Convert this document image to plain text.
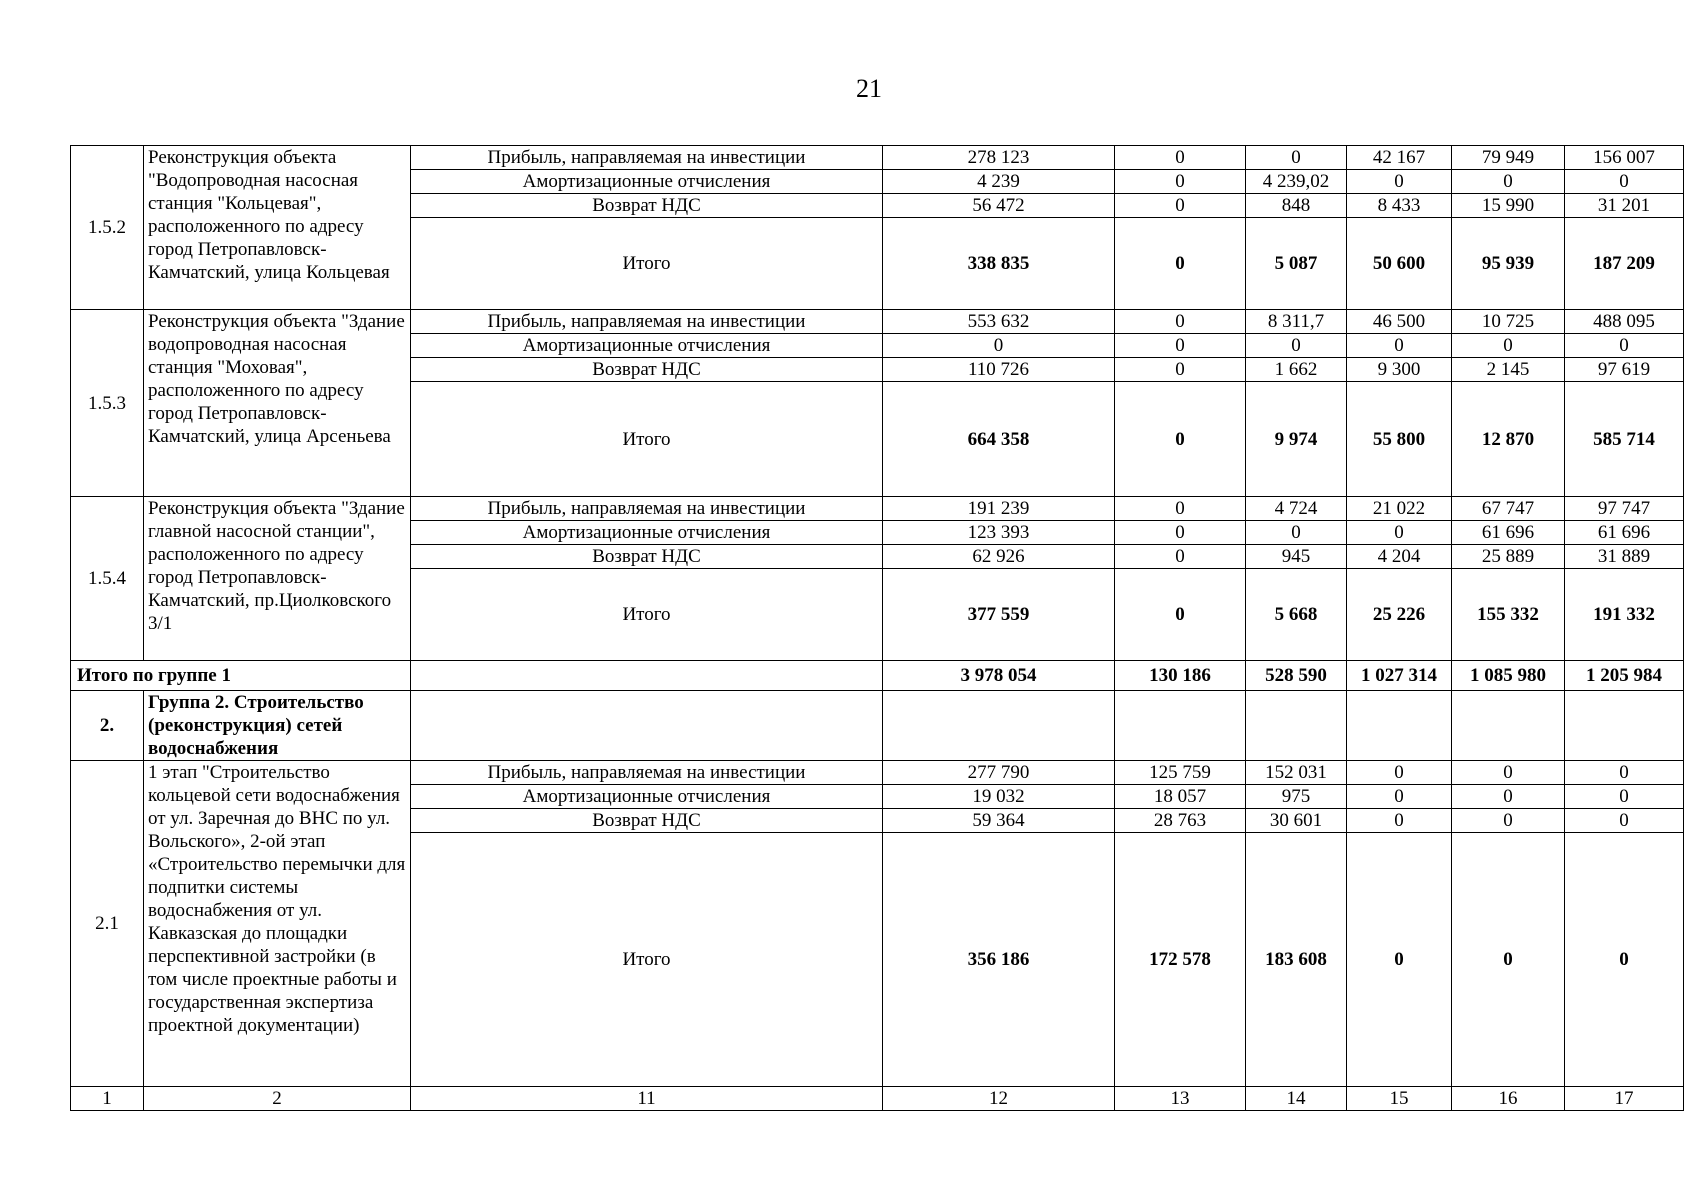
21
1.5.2	Реконструкция объекта "Водопроводная насосная станция "Кольцевая", расположенного по адресу город Петропавловск-Камчатский, улица Кольцевая	Прибыль, направляемая на инвестиции	278 123	0	0	42 167	79 949	156 007
		Амортизационные отчисления	4 239	0	4 239,02	0	0	0
		Возврат НДС	56 472	0	848	8 433	15 990	31 201
		Итого	338 835	0	5 087	50 600	95 939	187 209
1.5.3	Реконструкция объекта "Здание водопроводная насосная станция "Моховая", расположенного по адресу город Петропавловск-Камчатский, улица Арсеньева	Прибыль, направляемая на инвестиции	553 632	0	8 311,7	46 500	10 725	488 095
		Амортизационные отчисления	0	0	0	0	0	0
		Возврат НДС	110 726	0	1 662	9 300	2 145	97 619
		Итого	664 358	0	9 974	55 800	12 870	585 714
1.5.4	Реконструкция объекта "Здание главной насосной станции", расположенного по адресу город Петропавловск-Камчатский, пр.Циолковского 3/1	Прибыль, направляемая на инвестиции	191 239	0	4 724	21 022	67 747	97 747
		Амортизационные отчисления	123 393	0	0	0	61 696	61 696
		Возврат НДС	62 926	0	945	4 204	25 889	31 889
		Итого	377 559	0	5 668	25 226	155 332	191 332
Итого по группе 1			3 978 054	130 186	528 590	1 027 314	1 085 980	1 205 984
2.	Группа 2. Строительство (реконструкция) сетей водоснабжения							
2.1	1 этап "Строительство кольцевой сети водоснабжения от ул. Заречная до ВНС по ул. Вольского», 2-ой этап «Строительство перемычки для подпитки системы водоснабжения от ул. Кавказская до площадки перспективной застройки (в том числе проектные работы и государственная экспертиза проектной документации)	Прибыль, направляемая на инвестиции	277 790	125 759	152 031	0	0	0
		Амортизационные отчисления	19 032	18 057	975	0	0	0
		Возврат НДС	59 364	28 763	30 601	0	0	0
		Итого	356 186	172 578	183 608	0	0	0
1	2	11	12	13	14	15	16	17
